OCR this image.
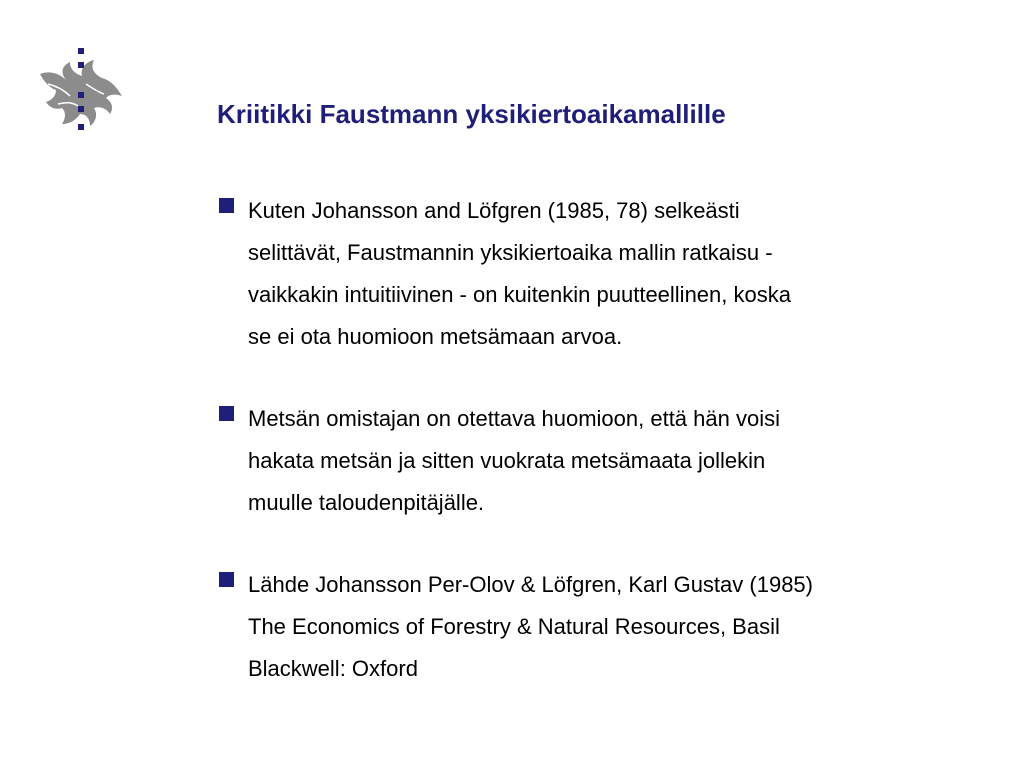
Kriitikki Faustmann yksikiertoaikamallille
Kuten Johansson and Löfgren (1985, 78) selkeästi
selittävät, Faustmannin yksikiertoaika mallin ratkaisu -
vaikkakin intuitiivinen - on kuitenkin puutteellinen, koska
se ei ota huomioon metsämaan arvoa.
Metsän omistajan on otettava huomioon, että hän voisi
hakata metsän ja sitten vuokrata metsämaata jollekin
muulle taloudenpitäjälle.
Lähde Johansson Per-Olov & Löfgren, Karl Gustav (1985)
The Economics of Forestry & Natural Resources, Basil
Blackwell: Oxford
